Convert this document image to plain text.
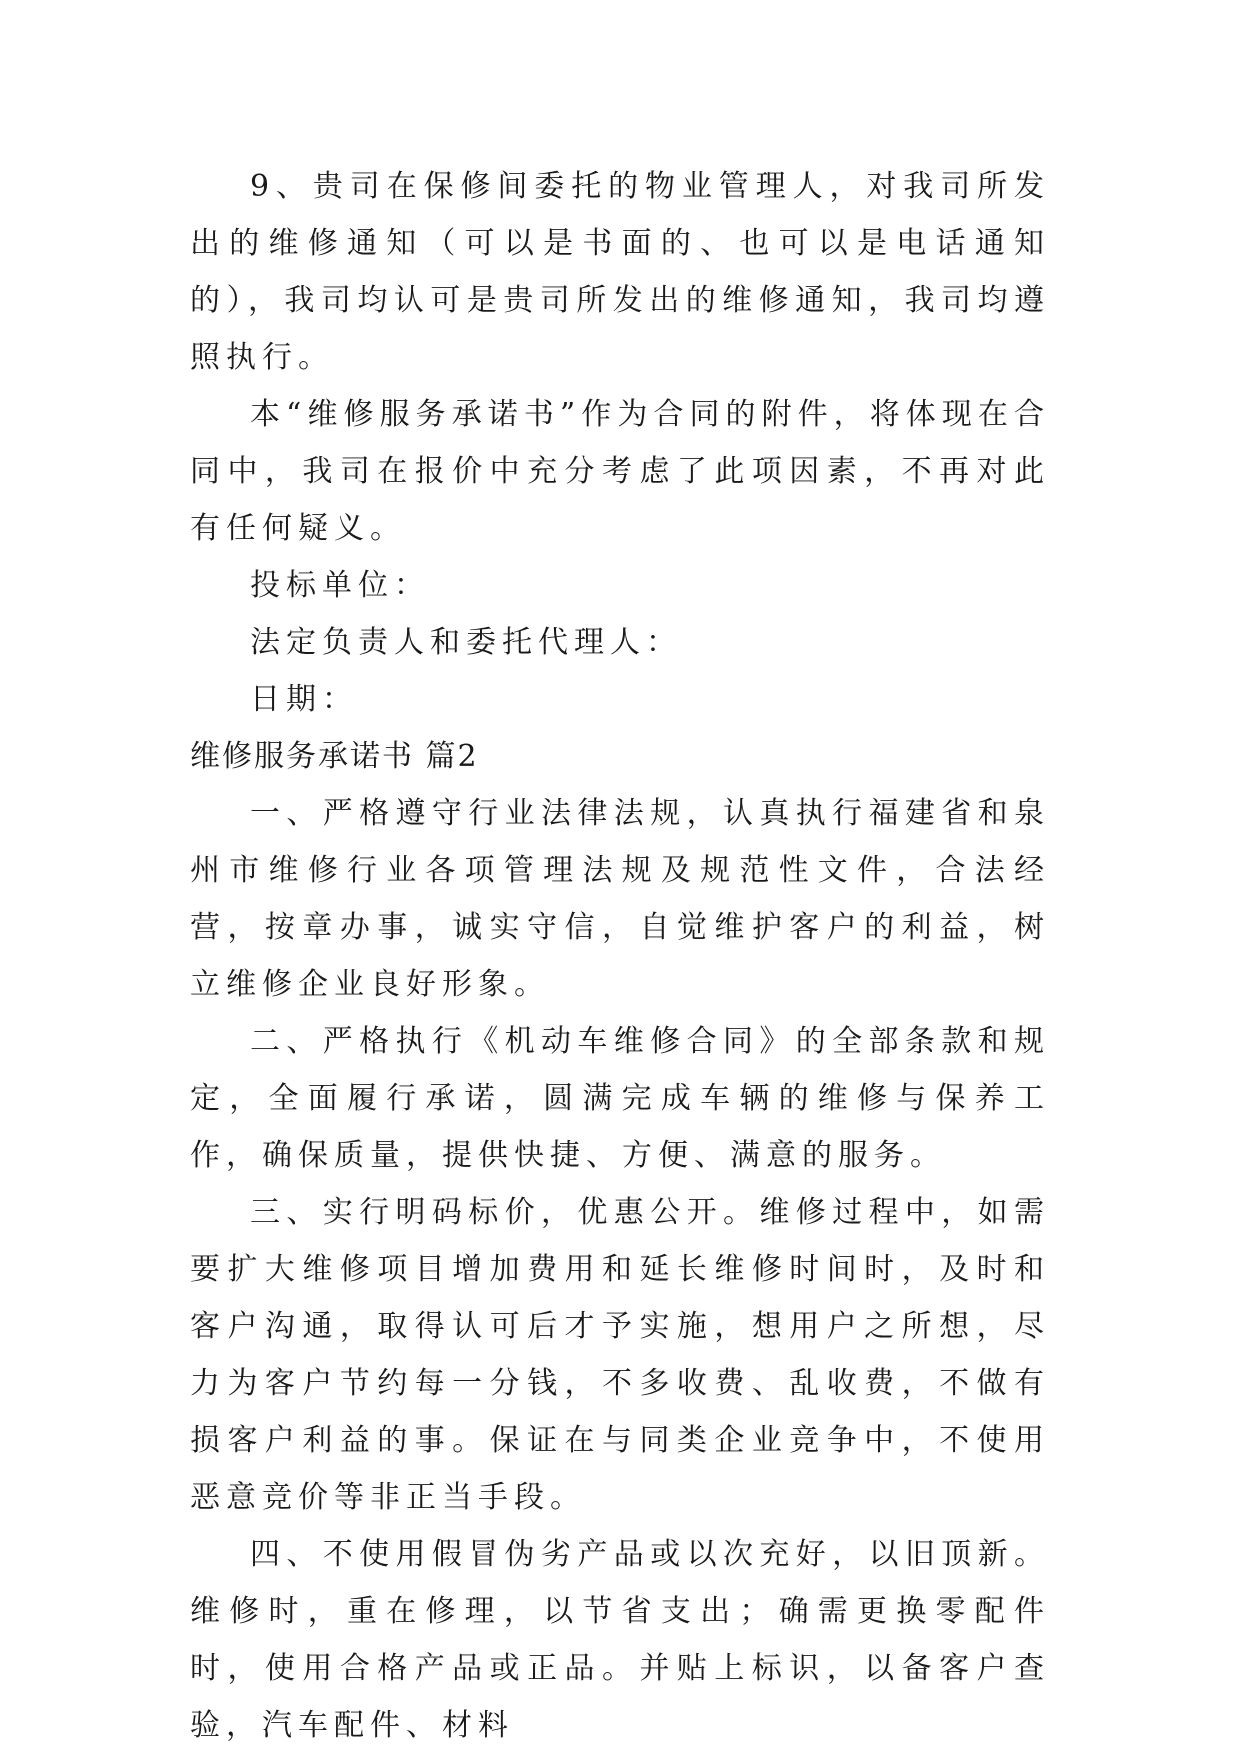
9、贵司在保修间委托的物业管理人，对我司所发出的维修通知（可以是书面的、也可以是电话通知的），我司均认可是贵司所发出的维修通知，我司均遵照执行。

本“维修服务承诺书”作为合同的附件，将体现在合同中，我司在报价中充分考虑了此项因素，不再对此有任何疑义。

投标单位：

法定负责人和委托代理人：

日期：

维修服务承诺书 篇2

一、严格遵守行业法律法规，认真执行福建省和泉州市维修行业各项管理法规及规范性文件，合法经营，按章办事，诚实守信，自觉维护客户的利益，树立维修企业良好形象。

二、严格执行《机动车维修合同》的全部条款和规定，全面履行承诺，圆满完成车辆的维修与保养工作，确保质量，提供快捷、方便、满意的服务。

三、实行明码标价，优惠公开。维修过程中，如需要扩大维修项目增加费用和延长维修时间时，及时和客户沟通，取得认可后才予实施，想用户之所想，尽力为客户节约每一分钱，不多收费、乱收费，不做有损客户利益的事。保证在与同类企业竞争中，不使用恶意竞价等非正当手段。

四、不使用假冒伪劣产品或以次充好，以旧顶新。维修时，重在修理，以节省支出；确需更换零配件时，使用合格产品或正品。并贴上标识，以备客户查验，汽车配件、材料
